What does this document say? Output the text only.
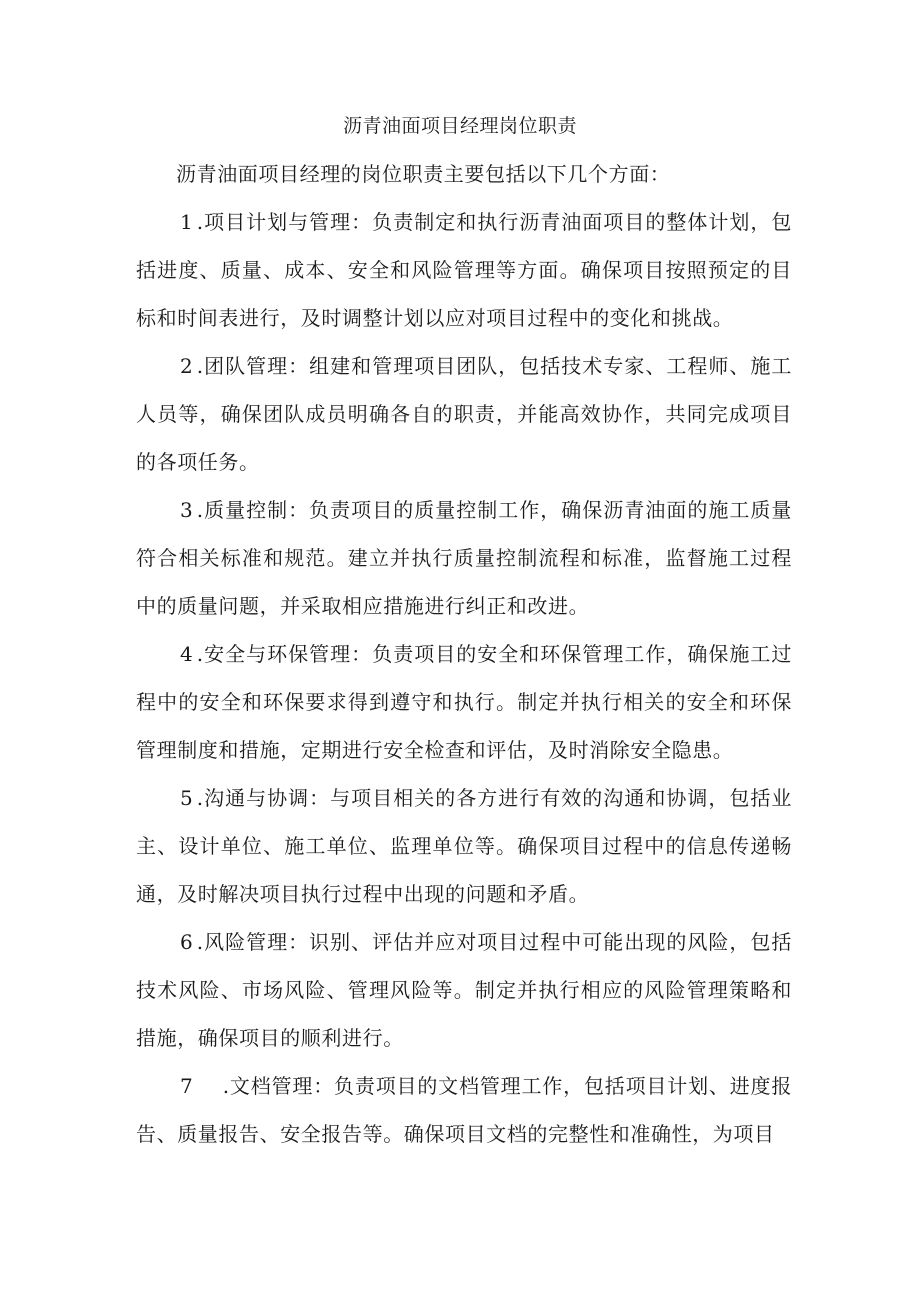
沥青油面项目经理岗位职责

沥青油面项目经理的岗位职责主要包括以下几个方面：

1 .项目计划与管理：负责制定和执行沥青油面项目的整体计划，包括进度、质量、成本、安全和风险管理等方面。确保项目按照预定的目标和时间表进行，及时调整计划以应对项目过程中的变化和挑战。

2 .团队管理：组建和管理项目团队，包括技术专家、工程师、施工人员等，确保团队成员明确各自的职责，并能高效协作，共同完成项目的各项任务。

3 .质量控制：负责项目的质量控制工作，确保沥青油面的施工质量符合相关标准和规范。建立并执行质量控制流程和标准，监督施工过程中的质量问题，并采取相应措施进行纠正和改进。

4 .安全与环保管理：负责项目的安全和环保管理工作，确保施工过程中的安全和环保要求得到遵守和执行。制定并执行相关的安全和环保管理制度和措施，定期进行安全检查和评估，及时消除安全隐患。

5 .沟通与协调：与项目相关的各方进行有效的沟通和协调，包括业主、设计单位、施工单位、监理单位等。确保项目过程中的信息传递畅通，及时解决项目执行过程中出现的问题和矛盾。

6 .风险管理：识别、评估并应对项目过程中可能出现的风险，包括技术风险、市场风险、管理风险等。制定并执行相应的风险管理策略和措施，确保项目的顺利进行。

7 .文档管理：负责项目的文档管理工作，包括项目计划、进度报告、质量报告、安全报告等。确保项目文档的完整性和准确性，为项目
